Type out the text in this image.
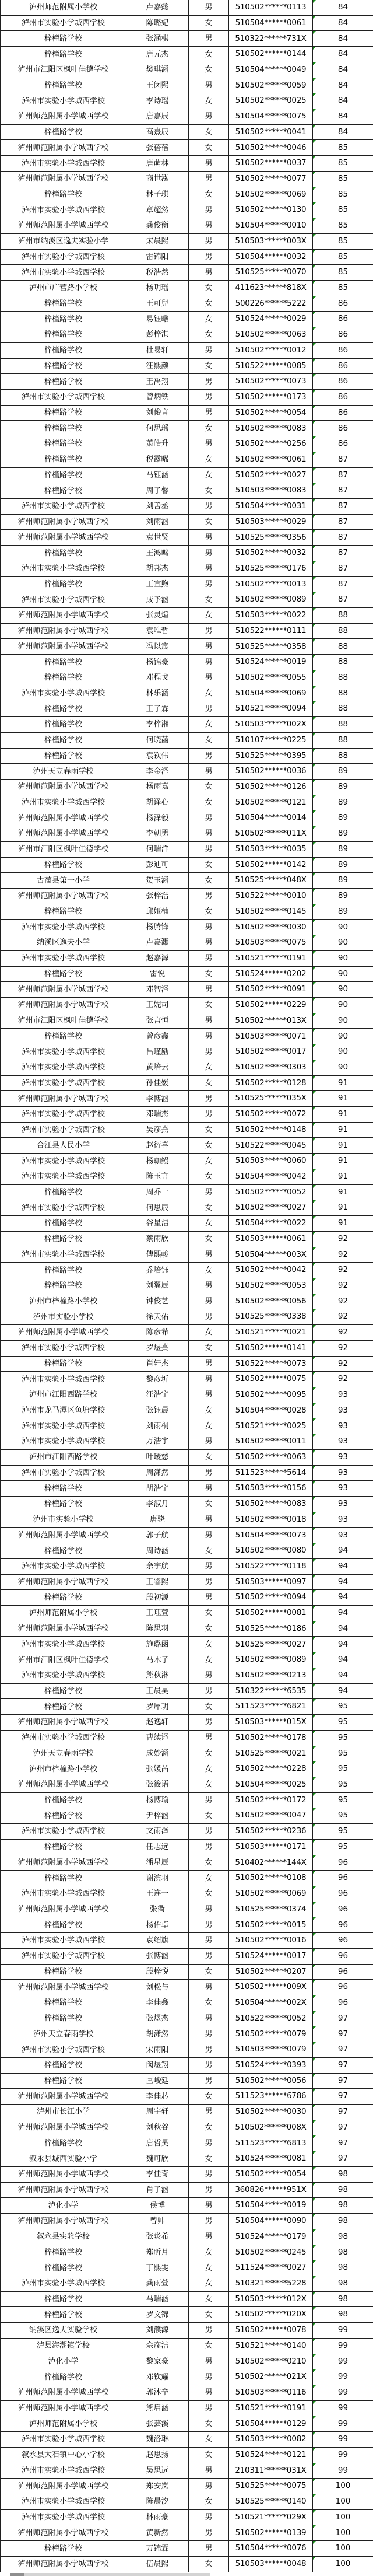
泸州师范附属小学校	卢嘉懿	男	510502******0113	84
泸州市实验小学城西学校	陈璐妃	女	510504******0061	84
梓橦路学校	张涵棋	男	510322******731X	84
梓橦路学校	唐元杰	女	510502******0144	84
泸州市江阳区枫叶佳德学校	樊琪涵	女	510504******0049	84
梓橦路学校	王闵熙	男	510502******0059	84
泸州市实验小学城西学校	李诗瑶	女	510502******0025	84
泸州师范附属小学城西学校	唐嘉辰	男	510504******0075	84
梓橦路学校	高熹辰	女	510502******0041	84
泸州师范附属小学城西学校	张蓓蓓	女	510502******0046	85
泸州市实验小学城西学校	唐萌林	男	510502******0037	85
泸州师范附属小学城西学校	商世泓	男	510502******0077	85
梓橦路学校	林子琪	女	510502******0069	85
泸州市实验小学城西学校	章超然	男	510502******0130	85
泸州师范附属小学城西学校	龚俊衡	男	510504******0010	85
泸州市纳溪区逸夫实验小学	宋晨熙	男	510503******003X	85
泸州市实验小学城西学校	雷锦阳	男	510504******0032	85
泸州市实验小学城西学校	税浩然	男	510525******0070	85
泸州市广营路小学校	杨玥瑶	女	411623******818X	85
梓橦路学校	王可兒	女	500226******5222	86
梓橦路学校	易钰曦	女	510524******0029	86
梓橦路学校	彭梓淇	女	510502******0063	86
梓橦路学校	杜易轩	男	510502******0012	86
梓橦路学校	汪熙颜	女	510522******0085	86
梓橦路学校	王禹翔	男	510502******0073	86
泸州市实验小学城西学校	曾炳铁	男	510502******0173	86
梓橦路学校	刘俊言	男	510502******0054	86
梓橦路学校	何思瑶	女	510502******0083	86
梓橦路学校	萧皓升	男	510502******0256	86
梓橦路学校	税露晞	女	510502******0061	87
梓橦路学校	马钰涵	女	510502******0027	87
梓橦路学校	周子馨	女	510503******0083	87
泸州市实验小学城西学校	刘善丞	男	510504******0031	87
泸州师范附属小学城西学校	刘雨涵	女	510503******0029	87
泸州师范附属小学城西学校	袁世贤	男	510525******0356	87
梓橦路学校	王鸿鸣	男	510502******0032	87
泸州市实验小学城西学校	胡邦杰	男	510525******0176	87
梓橦路学校	王宜煦	男	510502******0013	87
泸州市实验小学城西学校	成予涵	女	510502******0089	87
泸州师范附属小学城西学校	张灵煊	女	510503******0022	88
泸州师范附属小学城西学校	袁唯哲	男	510522******0111	88
泸州师范附属小学城西学校	冯以宸	男	510525******0358	88
梓橦路学校	杨锦豪	男	510524******0019	88
梓橦路学校	邓程戈	男	510502******0055	88
泸州市实验小学城西学校	林乐涵	女	510504******0069	88
梓橦路学校	王子霖	男	510521******0094	88
梓橦路学校	李梓湘	女	510503******002X	88
梓橦路学校	何晓菡	女	510107******0225	88
梓橦路学校	袁钦伟	男	510525******0395	88
泸州天立春雨学校	李金泽	男	510502******0036	89
泸州师范附属小学城西学校	杨雨嘉	女	510502******0126	89
泸州市实验小学城西学校	胡译心	女	510502******0121	89
泸州师范附属小学城西学校	杨泽毅	男	510504******0014	89
泸州师范附属小学城西学校	李朝勇	男	510502******011X	89
泸州市江阳区枫叶佳德学校	何瑞洋	男	510503******0035	89
梓橦路学校	彭迪可	女	510502******0142	89
古蔺县第一小学	贺玉涵	女	510525******048X	89
泸州师范附属小学城西学校	张梓浩	男	510522******0010	89
梓橦路学校	邱娅楠	女	510502******0145	89
泸州市实验小学城西学校	杨腾锋	男	510502******0030	90
纳溪区逸夫小学	卢嘉灏	男	510503******0075	90
泸州市实验小学城西学校	赵嘉源	男	510521******0191	90
梓橦路学校	雷悦	女	510524******0202	90
泸州师范附属小学城西学校	邓智泽	男	510502******0091	90
泸州师范附属小学城西学校	王妮司	女	510502******0229	90
泸州市江阳区枫叶佳德学校	张言恒	男	510502******013X	90
梓橦路学校	曾彦鑫	男	510503******0071	90
泸州市实验小学城西学校	吕瑾励	男	510502******0017	90
泸州市实验小学城西学校	黄培云	女	510502******0303	90
泸州市实验小学城西学校	孙佳媛	女	510502******0128	91
泸州师范附属小学城西学校	李博涵	男	510525******035X	91
泸州市实验小学城西学校	邓瑞杰	男	510502******0072	91
泸州市实验小学城西学校	吴彦熹	女	510502******0148	91
合江县人民小学	赵衍喜	女	510522******0045	91
泸州市实验小学城西学校	杨珈鳗	女	510503******0060	91
泸州市实验小学城西学校	陈玉言	女	510504******0042	91
梓橦路学校	周乔一	男	510502******0052	91
泸州市实验小学城西学校	何思辰	女	510502******0027	91
梓橦路学校	谷星洁	女	510504******0022	91
梓橦路学校	蔡雨欣	女	510503******0061	92
泸州市实验小学城西学校	傅熙峻	男	510504******003X	92
梓橦路学校	乔培钰	女	510502******0042	92
梓橦路学校	刘翼辰	男	510502******0053	92
泸州市梓橦路小学校	钟俊艺	男	510502******0056	92
泸州市实验小学校	徐天佑	男	510525******0338	92
泸州师范附属小学城西学校	陈彦希	女	510521******0021	92
泸州市实验小学城西学校	罗煜熹	女	510502******0141	92
梓橦路学校	肖轩杰	男	510522******0073	92
泸州市实验小学城西学校	黎彦圻	男	510502******0075	92
泸州市江阳西路学校	汪浩宇	男	510502******0095	93
泸州市龙马潭区鱼塘学校	张钰晨	女	510504******0028	93
泸州市实验小学城西学校	刘雨桐	女	510521******0025	93
泸州市实验小学城西学校	万浩宇	男	510502******0011	93
泸州市江阳西路学校	叶瑷慈	女	510502******0063	93
泸州市实验小学城西学校	周潇然	男	511523******5614	93
梓橦路学校	胡浩宇	男	510503******0156	93
梓橦路学校	李淑月	女	510502******0083	93
泸州市实验小学校	唐骁	男	510502******0018	93
泸州师范附属小学城西学校	郭子航	男	510504******0073	93
梓橦路学校	周诗涵	女	510502******0080	94
泸州市实验小学城西学校	余宇航	男	510522******0118	94
泸州师范附属小学城西学校	王睿熙	男	510503******0097	94
梓橦路学校	殷初源	男	510502******0094	94
泸州师范附属小学校	王珏萱	女	510502******0081	94
泸州师范附属小学城西学校	陈思羽	女	510525******0186	94
泸州市实验小学城西学校	施璐函	女	510525******0027	94
泸州市江阳区枫叶佳德学校	马木子	女	510502******0089	94
泸州市实验小学城西学校	熊秋淋	男	510502******0213	94
梓橦路学校	王晨昊	男	510322******6535	94
梓橦路学校	罗犀玥	女	511523******6821	95
泸州师范附属小学城西学校	赵逸轩	男	510503******015X	95
泸州市实验小学城西学校	曹续译	男	510502******0178	95
泸州天立春雨学校	成妙涵	女	510525******0021	95
泸州市梓橦路小学校	张媛茜	女	510502******0228	95
泸州师范附属小学城西学校	张筱语	女	510504******0025	95
梓橦路学校	杨博瑜	男	510502******0172	95
梓橦路学校	尹梓涵	女	510502******0047	95
泸州市实验小学城西学校	文雨泽	男	510502******0236	95
梓橦路学校	任志远	男	510503******0171	95
泸州师范附属小学城西学校	潘星辰	女	510402******144X	96
梓橦路学校	谢滨羽	女	510502******0108	96
泸州市实验小学城西学校	王连一	女	510502******0069	96
泸州师范附属小学城西学校	张衢	男	510525******0374	96
梓橦路学校	杨佑卓	男	510502******0015	96
泸州市实验小学城西学校	袁绍旗	男	510502******0016	96
泸州市实验小学城西学校	张博涵	男	510524******0017	96
梓橦路学校	殷梓悦	女	510502******0207	96
泸州师范附属小学城西学校	刘松与	男	510502******009X	96
梓橦路学校	李佳鑫	女	510504******002X	96
梓橦路学校	张煜杰	男	510522******0052	97
泸州天立春雨学校	胡潇然	男	510502******0079	97
泸州市实验小学城西学校	宋雨阳	男	510503******0079	97
梓橦路学校	闵煜翔	男	510524******0393	97
梓橦路学校	匡峻廷	男	510502******0056	97
泸州师范附属小学城西学校	李佳芯	女	511523******6786	97
泸州市长江小学	周宇轩	男	510502******0030	97
泸州师范附属小学城西学校	刘秋谷	女	510502******008X	97
梓橦路学校	唐哲昊	男	511523******6813	97
叙永县城西实验小学	魏可欣	女	510524******0081	97
泸州师范附属小学城西学校	李佳奇	男	510502******0054	98
泸州师范附属小学城西学校	肖子涵	男	360826******951X	98
泸化小学	侯博	男	510504******0019	98
泸州师范附属小学城西学校	曾帅	男	510504******0090	98
叙永县实验学校	张炎希	男	510524******0179	98
梓橦路学校	郑昕月	女	510502******0245	98
梓橦路学校	丁熙雯	女	511524******0027	98
泸州市实验小学城西学校	龚雨萱	女	510321******5228	98
梓橦路学校	马瑞涵	女	510503******012X	98
梓橦路学校	罗文锦	女	510502******020X	98
纳溪区逸夫实验学校	刘濮源	男	510502******0078	99
泸县海潮镇学校	佘彦洁	女	510521******0140	99
泸化小学	黎家豪	男	510502******0210	99
梓橦路学校	邓钦耀	男	510502******021X	99
泸州师范附属小学城西学校	郭沐辛	男	510503******0116	99
泸州师范附属小学城西学校	熊启涵	男	510521******0191	99
泸州师范附属小学校	张芸溪	女	510504******0129	99
泸州市实验小学城西学校	魏洛琳	女	510503******0082	99
叙永县大石镇中心小学校	赵思扬	女	510524******0121	99
泸州市实验小学城西学校	吴思远	男	210311******031X	99
泸州师范附属小学城西学校	郑安岚	男	510525******0075	100
泸州市实验小学城西学校	陈晨汐	女	510525******0140	100
泸州市实验小学城西学校	林雨豪	男	510521******029X	100
泸州师范附属小学城西学校	黄新然	男	510502******0139	100
梓橦路学校	万锦霖	男	510504******0076	100
泸州师范附属小学城西学校	伍晨熙	女	510503******0048	100
